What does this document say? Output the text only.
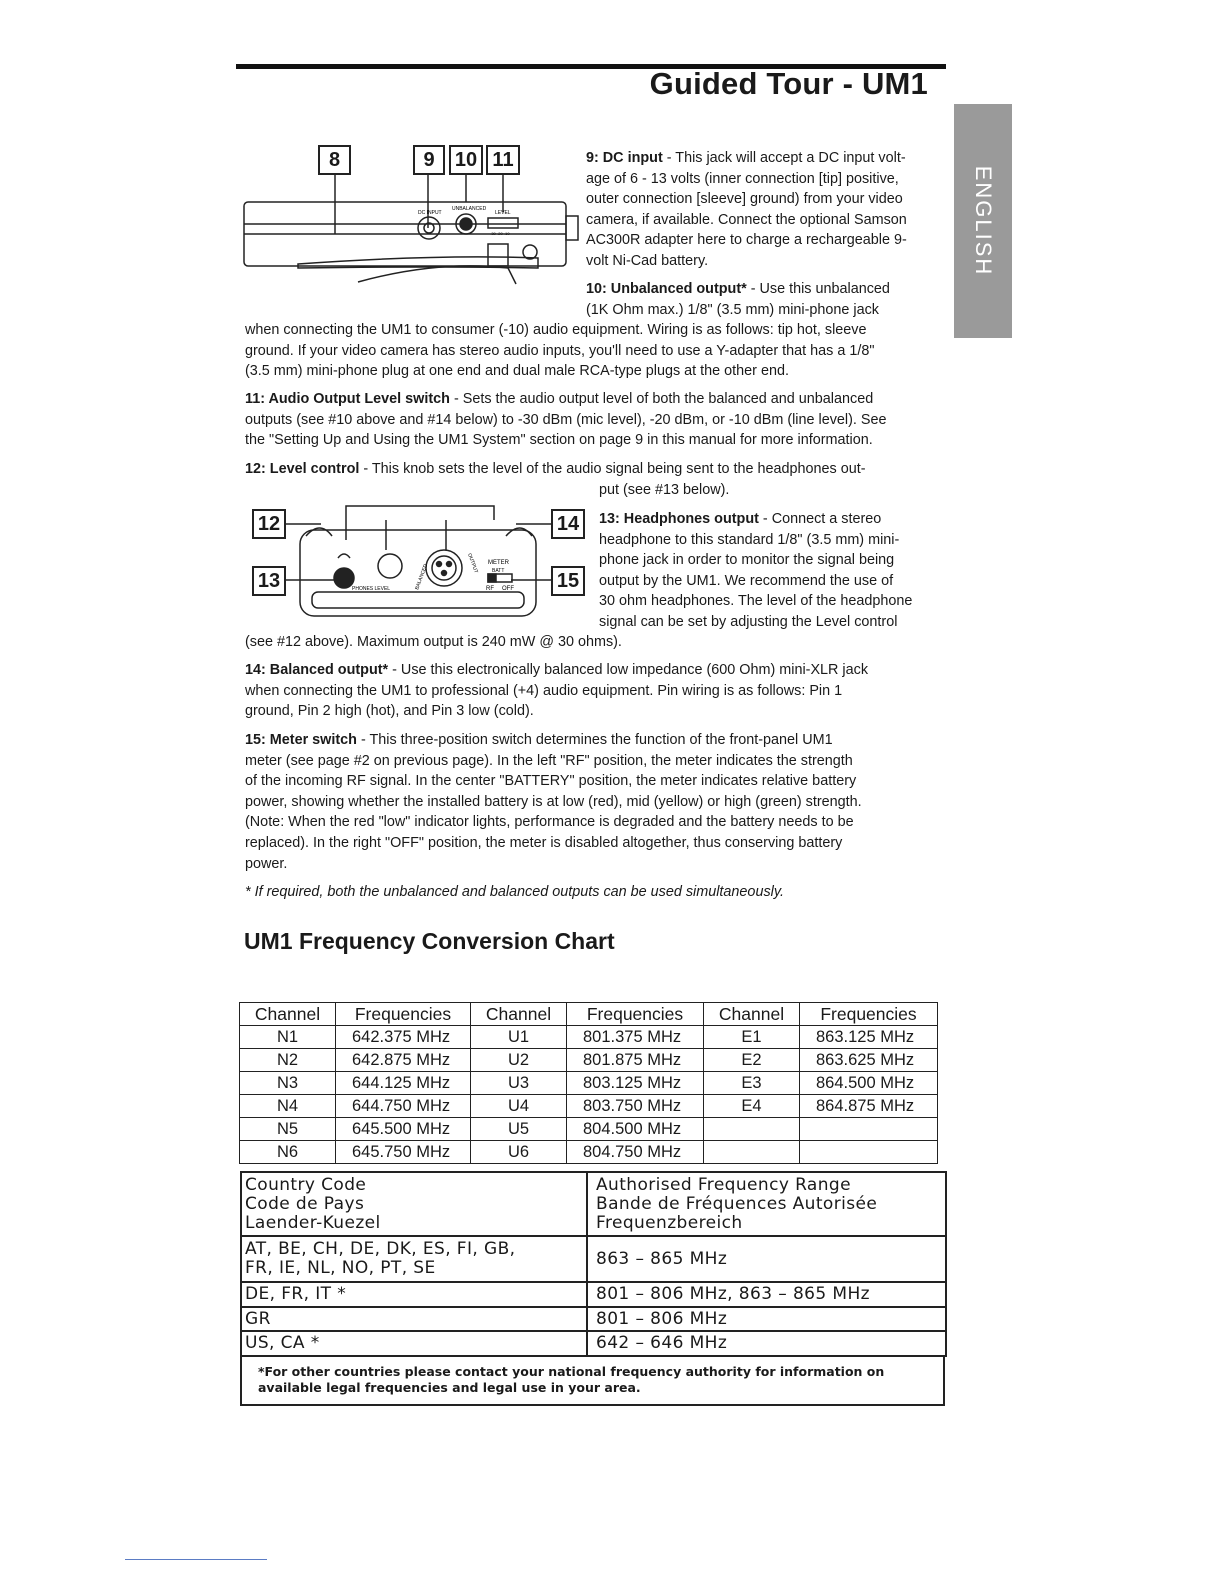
Guided Tour - UM1
ENGLISH
8	9	10 11
DC INPUT
UNBALANCED
LEVEL
-30 -20 -10
9: DC input - This jack will accept a DC input volt-
age of 6 - 13 volts (inner connection [tip] positive,
outer connection [sleeve] ground) from your video
camera, if available. Connect the optional Samson
AC300R adapter here to charge a rechargeable 9-
volt Ni-Cad battery.
10: Unbalanced output* - Use this unbalanced
(1K Ohm max.) 1/8" (3.5 mm) mini-phone jack
when connecting the UM1 to consumer (-10) audio equipment. Wiring is as follows: tip hot, sleeve
ground. If your video camera has stereo audio inputs, you'll need to use a Y-adapter that has a 1/8"
(3.5 mm) mini-phone plug at one end and dual male RCA-type plugs at the other end.
11: Audio Output Level switch - Sets the audio output level of both the balanced and unbalanced
outputs (see #10 above and #14 below) to -30 dBm (mic level), -20 dBm, or -10 dBm (line level). See
the "Setting Up and Using the UM1 System" section on page 9 in this manual for more information.
12: Level control - This knob sets the level of the audio signal being sent to the headphones out-
put (see #13 below).
12
13
14
15
PHONES LEVEL	BALANCED	OUTPUT METER
BATT
RF OFF
13: Headphones output - Connect a stereo
headphone to this standard 1/8" (3.5 mm) mini-
phone jack in order to monitor the signal being
output by the UM1. We recommend the use of
30 ohm headphones. The level of the headphone
signal can be set by adjusting the Level control
(see #12 above). Maximum output is 240 mW @ 30 ohms).
14: Balanced output* - Use this electronically balanced low impedance (600 Ohm) mini-XLR jack
when connecting the UM1 to professional (+4) audio equipment. Pin wiring is as follows: Pin 1
ground, Pin 2 high (hot), and Pin 3 low (cold).
15: Meter switch - This three-position switch determines the function of the front-panel UM1
meter (see page #2 on previous page). In the left "RF" position, the meter indicates the strength
of the incoming RF signal. In the center "BATTERY" position, the meter indicates relative battery
power, showing whether the installed battery is at low (red), mid (yellow) or high (green) strength.
(Note: When the red "low" indicator lights, performance is degraded and the battery needs to be
replaced). In the right "OFF" position, the meter is disabled altogether, thus conserving battery
power.
* If required, both the unbalanced and balanced outputs can be used simultaneously.
UM1 Frequency Conversion Chart
Channel	Frequencies	Channel	Frequencies	Channel	Frequencies
N1	642.375 MHz	U1	801.375 MHz	E1	863.125 MHz
N2	642.875 MHz	U2	801.875 MHz	E2	863.625 MHz
N3	644.125 MHz	U3	803.125 MHz	E3	864.500 MHz
N4	644.750 MHz	U4	803.750 MHz	E4	864.875 MHz
N5	645.500 MHz	U5	804.500 MHz		
N6	645.750 MHz	U6	804.750 MHz		
Country Code
Code de Pays
Laender-Kuezel	Authorised Frequency Range
Bande de Fréquences Autorisée
Frequenzbereich
AT, BE, CH, DE, DK, ES, FI, GB,
FR, IE, NL, NO, PT, SE	863 – 865 MHz
DE, FR, IT *	801 – 806 MHz, 863 – 865 MHz
GR	801 – 806 MHz
US, CA *	642 – 646 MHz
*For other countries please contact your national frequency authority for information on
available legal frequencies and legal use in your area.
